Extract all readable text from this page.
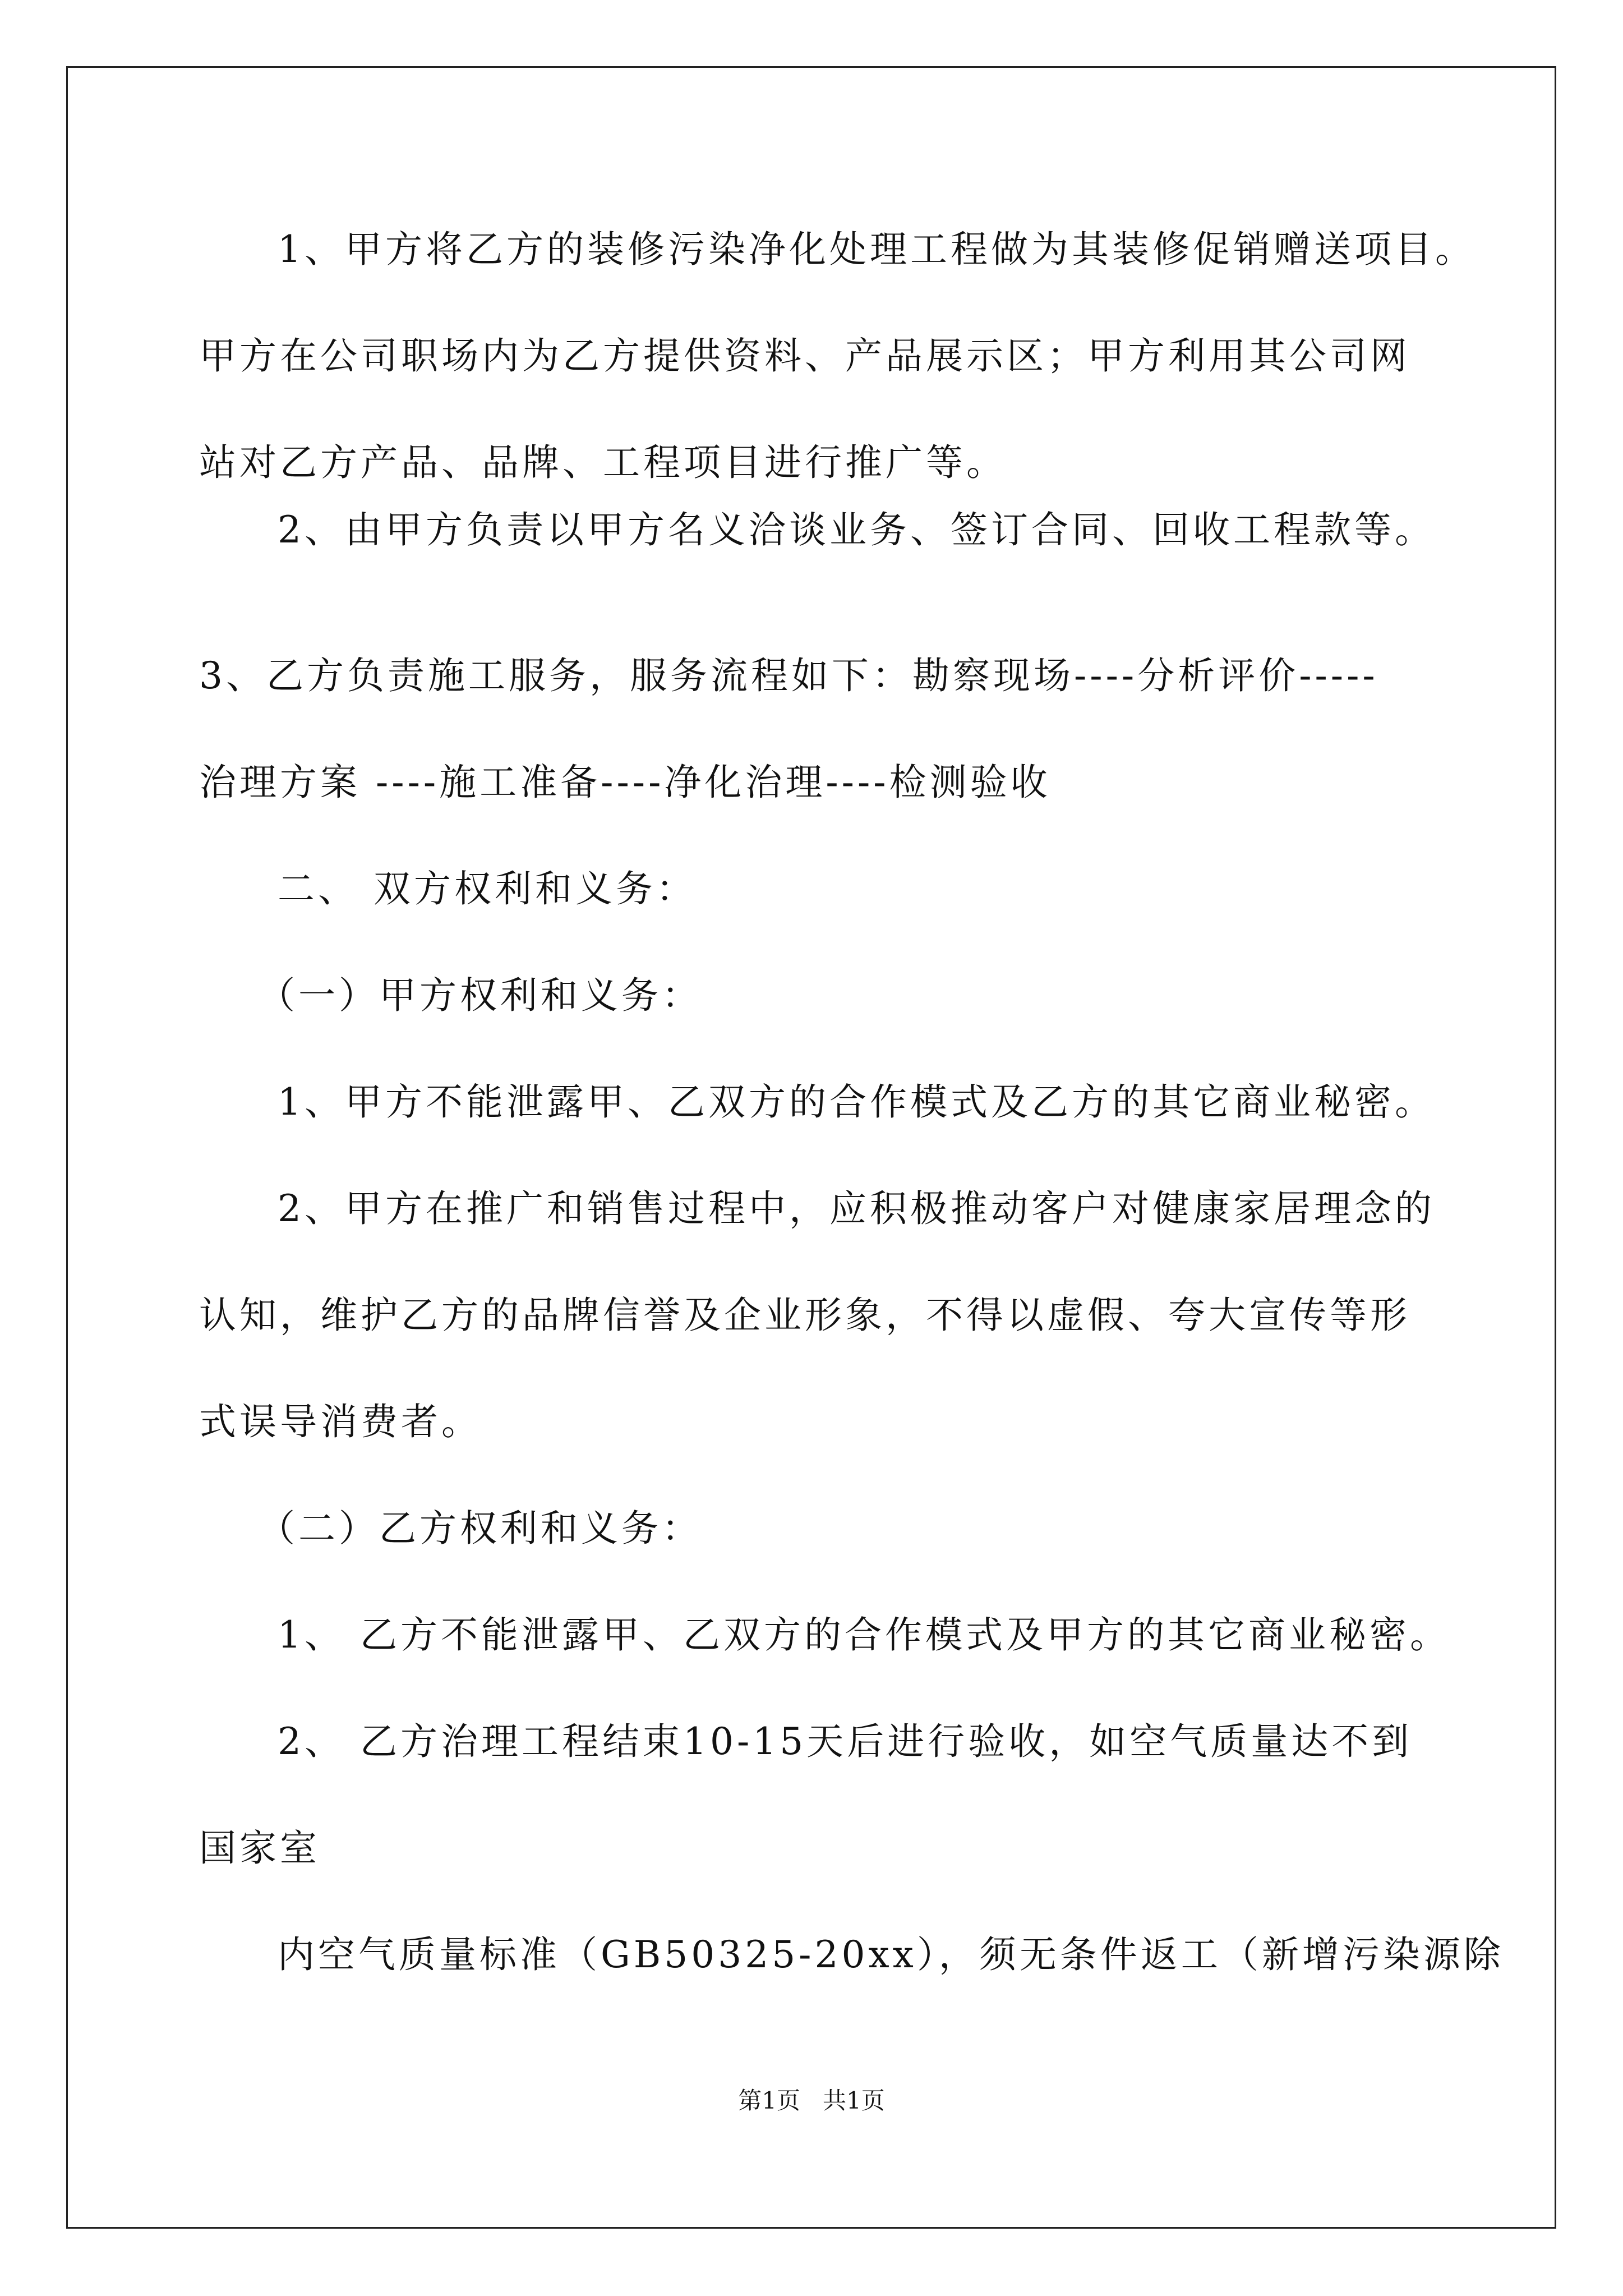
1、甲方将乙方的装修污染净化处理工程做为其装修促销赠送项目。
甲方在公司职场内为乙方提供资料、产品展示区；甲方利用其公司网
站对乙方产品、品牌、工程项目进行推广等。
2、由甲方负责以甲方名义洽谈业务、签订合同、回收工程款等。
3、乙方负责施工服务，服务流程如下：勘察现场----分析评价-----
治理方案 ----施工准备----净化治理----检测验收
二、 双方权利和义务：
（一）甲方权利和义务：
1、甲方不能泄露甲、乙双方的合作模式及乙方的其它商业秘密。
2、甲方在推广和销售过程中，应积极推动客户对健康家居理念的
认知，维护乙方的品牌信誉及企业形象，不得以虚假、夸大宣传等形
式误导消费者。
（二）乙方权利和义务：
1、 乙方不能泄露甲、乙双方的合作模式及甲方的其它商业秘密。
2、 乙方治理工程结束10-15天后进行验收，如空气质量达不到
国家室
内空气质量标准（GB50325-20xx），须无条件返工（新增污染源除
第1页   共1页
